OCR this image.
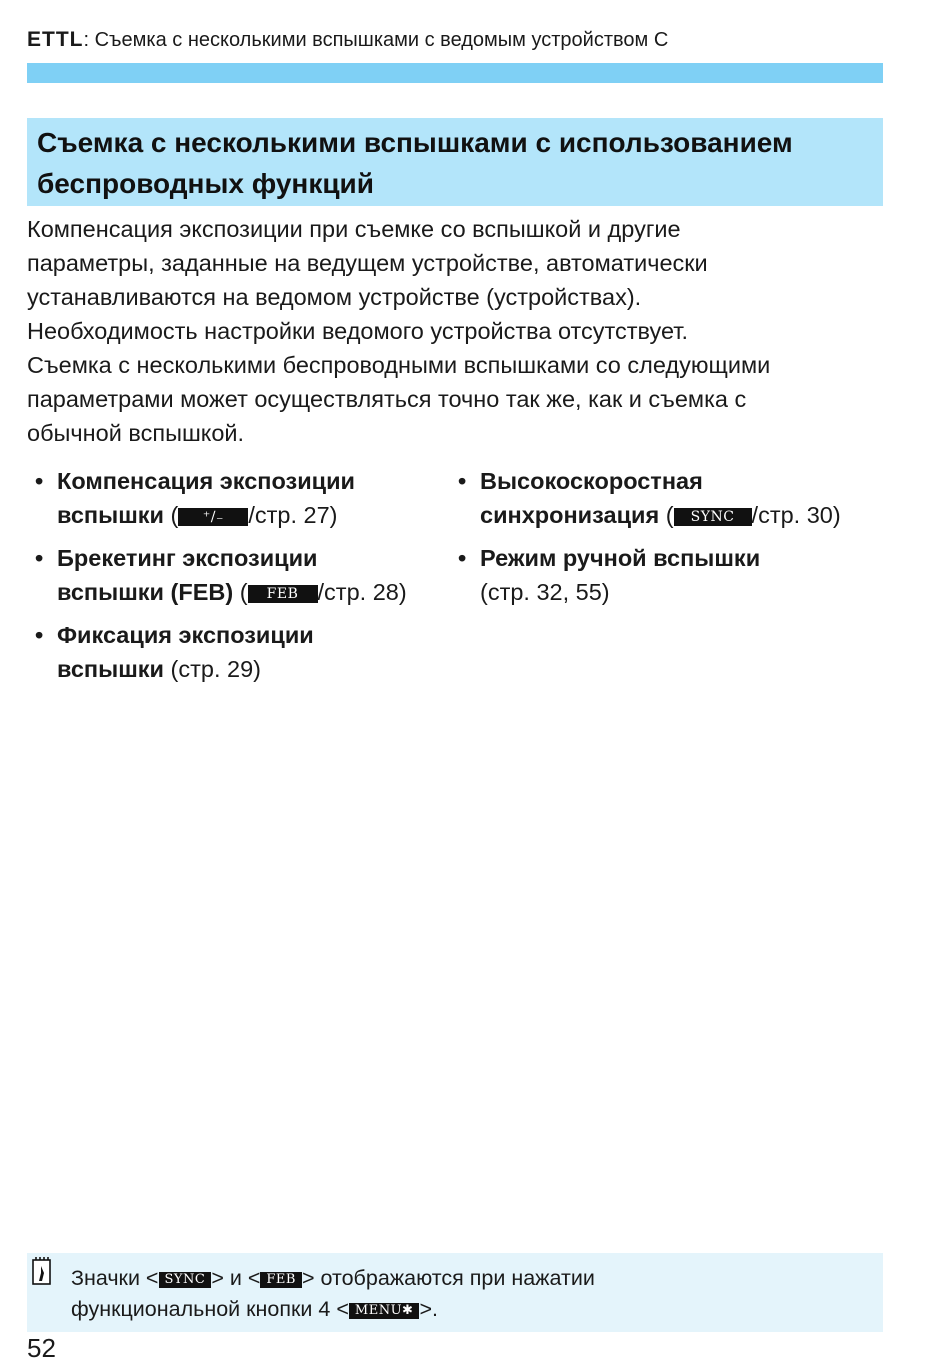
ETTL: Съемка с несколькими вспышками с ведомым устройством C
Съемка с несколькими вспышками с использованием беспроводных функций

Компенсация экспозиции при съемке со вспышкой и другие

параметры, заданные на ведущем устройстве, автоматически

устанавливаются на ведомом устройстве (устройствах).

Необходимость настройки ведомого устройства отсутствует.

Съемка с несколькими беспроводными вспышками со следующими

параметрами может осуществляться точно так же, как и съемка с

обычной вспышкой.

• Компенсация экспозиции
вспышки ( ⁺∕₋ /стр. 27)
• Брекетинг экспозиции
вспышки (FEB) ( FEB /стр. 28)
• Фиксация экспозиции
вспышки (стр. 29)
• Высокоскоростная
синхронизация ( SYNC /стр. 30)
• Режим ручной вспышки
(стр. 32, 55)
Значки < SYNC > и < FEB > отображаются при нажатии
функциональной кнопки 4 < MENU✱ >.
52
